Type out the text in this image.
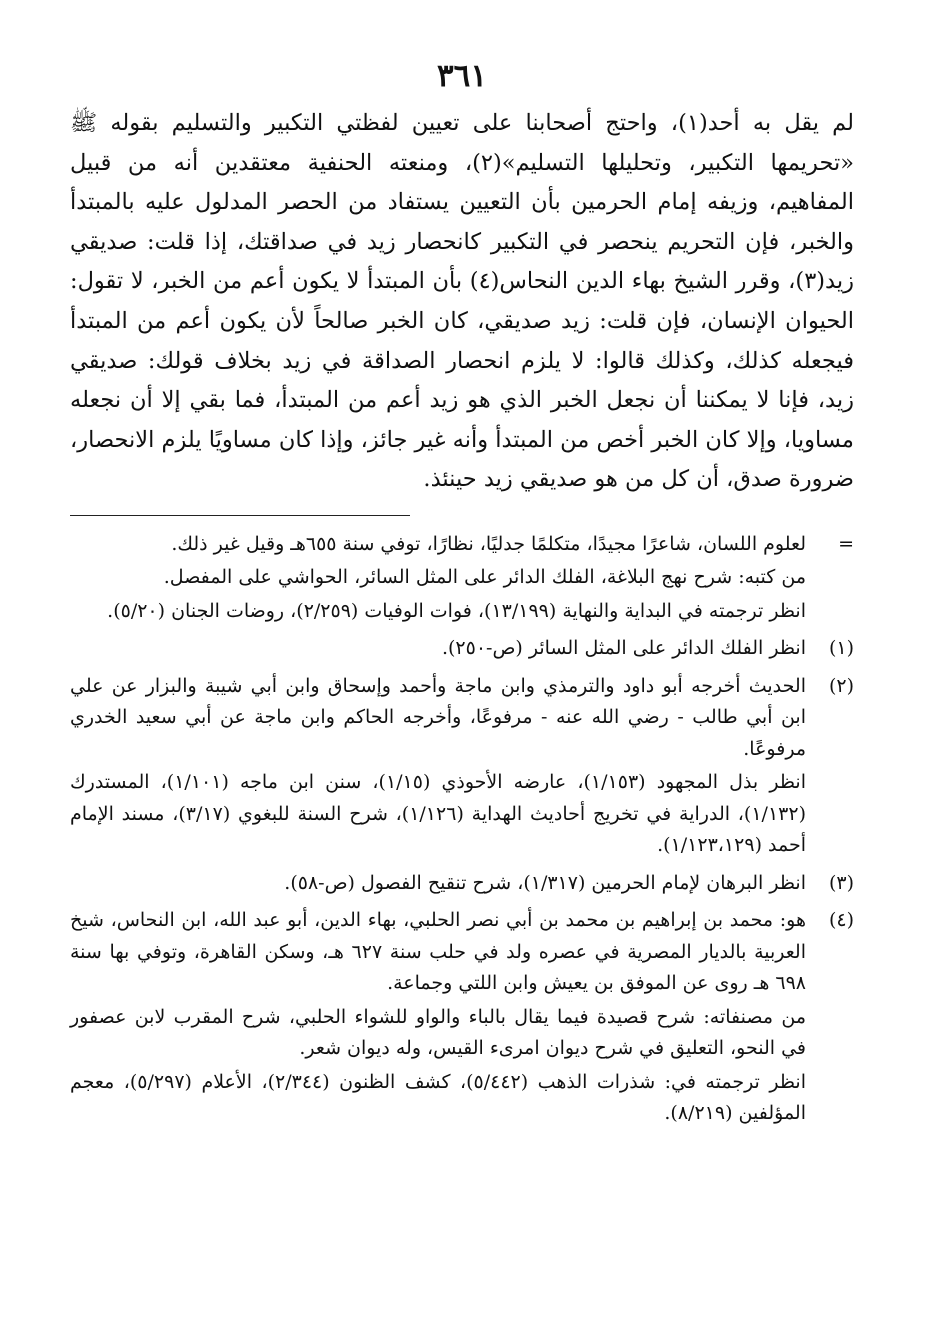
٣٦١

لم يقل به أحد(١)، واحتج أصحابنا على تعيين لفظتي التكبير والتسليم بقوله ﷺ «تحريمها التكبير، وتحليلها التسليم»(٢)، ومنعته الحنفية معتقدين أنه من قبيل المفاهيم، وزيفه إمام الحرمين بأن التعيين يستفاد من الحصر المدلول عليه بالمبتدأ والخبر، فإن التحريم ينحصر في التكبير كانحصار زيد في صداقتك، إذا قلت: صديقي زيد(٣)، وقرر الشيخ بهاء الدين النحاس(٤) بأن المبتدأ لا يكون أعم من الخبر، لا تقول: الحيوان الإنسان، فإن قلت: زيد صديقي، كان الخبر صالحاً لأن يكون أعم من المبتدأ فيجعله كذلك، وكذلك قالوا: لا يلزم انحصار الصداقة في زيد بخلاف قولك: صديقي زيد، فإنا لا يمكننا أن نجعل الخبر الذي هو زيد أعم من المبتدأ، فما بقي إلا أن نجعله مساويا، وإلا كان الخبر أخص من المبتدأ وأنه غير جائز، وإذا كان مساويًا يلزم الانحصار، ضرورة صدق، أن كل من هو صديقي زيد حينئذ.

=

لعلوم اللسان، شاعرًا مجيدًا، متكلمًا جدليًا، نظارًا، توفي سنة ٦٥٥هـ وقيل غير ذلك.

من كتبه: شرح نهج البلاغة، الفلك الدائر على المثل السائر، الحواشي على المفصل.

انظر ترجمته في البداية والنهاية (١٣/١٩٩)، فوات الوفيات (٢/٢٥٩)، روضات الجنان (٥/٢٠).

(١)

انظر الفلك الدائر على المثل السائر (ص-٢٥٠).

(٢)

الحديث أخرجه أبو داود والترمذي وابن ماجة وأحمد وإسحاق وابن أبي شيبة والبزار عن علي ابن أبي طالب - رضي الله عنه - مرفوعًا، وأخرجه الحاكم وابن ماجة عن أبي سعيد الخدري مرفوعًا.

انظر بذل المجهود (١/١٥٣)، عارضه الأحوذي (١/١٥)، سنن ابن ماجه (١/١٠١)، المستدرك (١/١٣٢)، الدراية في تخريج أحاديث الهداية (١/١٢٦)، شرح السنة للبغوي (٣/١٧)، مسند الإمام أحمد (١/١٢٣،١٢٩).

(٣)

انظر البرهان لإمام الحرمين (١/٣١٧)، شرح تنقيح الفصول (ص-٥٨).

(٤)

هو: محمد بن إبراهيم بن محمد بن أبي نصر الحلبي، بهاء الدين، أبو عبد الله، ابن النحاس، شيخ العربية بالديار المصرية في عصره ولد في حلب سنة ٦٢٧ هـ، وسكن القاهرة، وتوفي بها سنة ٦٩٨ هـ روى عن الموفق بن يعيش وابن اللتي وجماعة.

من مصنفاته: شرح قصيدة فيما يقال بالباء والواو للشواء الحلبي، شرح المقرب لابن عصفور في النحو، التعليق في شرح ديوان امرىء القيس، وله ديوان شعر.

انظر ترجمته في: شذرات الذهب (٥/٤٤٢)، كشف الظنون (٢/٣٤٤)، الأعلام (٥/٢٩٧)، معجم المؤلفين (٨/٢١٩).
